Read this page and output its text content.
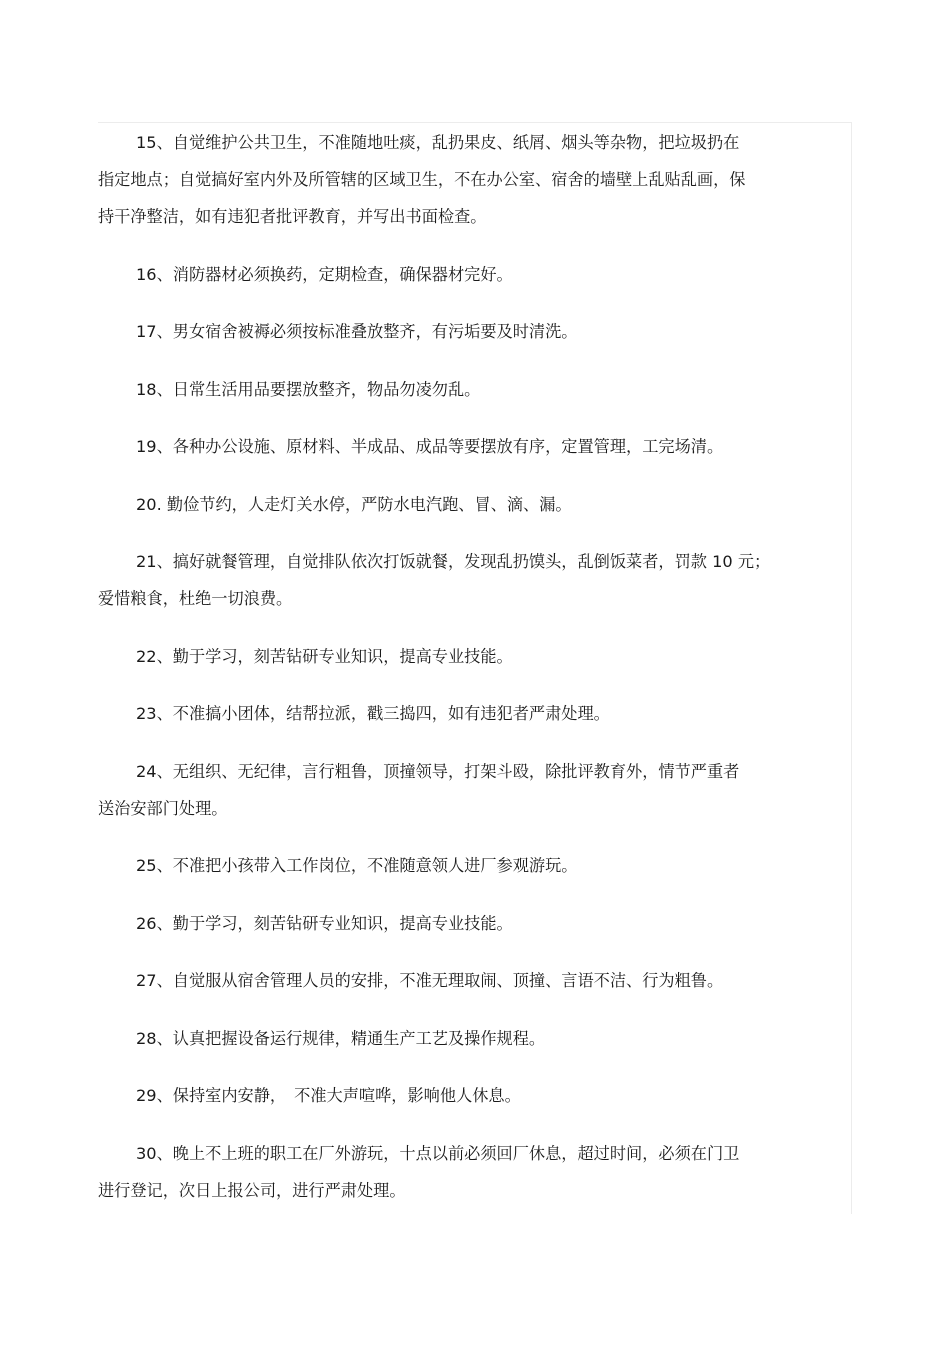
15、自觉维护公共卫生，不准随地吐痰，乱扔果皮、纸屑、烟头等杂物，把垃圾扔在
指定地点；自觉搞好室内外及所管辖的区域卫生，不在办公室、宿舍的墙壁上乱贴乱画，保
持干净整洁，如有违犯者批评教育，并写出书面检查。

16、消防器材必须换药，定期检查，确保器材完好。

17、男女宿舍被褥必须按标准叠放整齐，有污垢要及时清洗。

18、日常生活用品要摆放整齐，物品勿凌勿乱。

19、各种办公设施、原材料、半成品、成品等要摆放有序，定置管理，工完场清。

20. 勤俭节约，人走灯关水停，严防水电汽跑、冒、滴、漏。

21、搞好就餐管理，自觉排队依次打饭就餐，发现乱扔馍头，乱倒饭菜者，罚款 10 元；
爱惜粮食，杜绝一切浪费。

22、勤于学习，刻苦钻研专业知识，提高专业技能。

23、不准搞小团体，结帮拉派，戳三捣四，如有违犯者严肃处理。

24、无组织、无纪律，言行粗鲁，顶撞领导，打架斗殴，除批评教育外，情节严重者
送治安部门处理。

25、不准把小孩带入工作岗位，不准随意领人进厂参观游玩。

26、勤于学习，刻苦钻研专业知识，提高专业技能。

27、自觉服从宿舍管理人员的安排，不准无理取闹、顶撞、言语不洁、行为粗鲁。

28、认真把握设备运行规律，精通生产工艺及操作规程。

29、保持室内安静，　不准大声喧哗，影响他人休息。

30、晚上不上班的职工在厂外游玩，十点以前必须回厂休息，超过时间，必须在门卫
进行登记，次日上报公司，进行严肃处理。
